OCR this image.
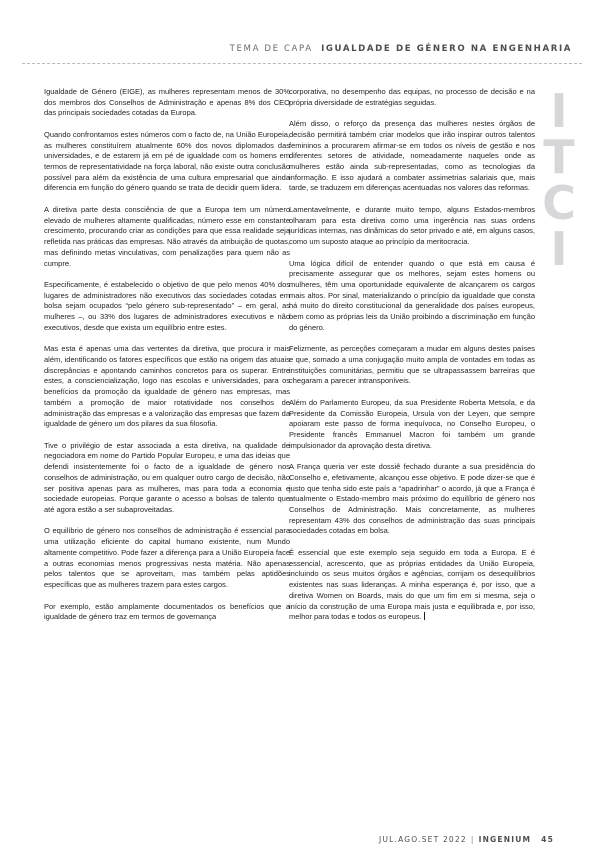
TEMA DE CAPA IGUALDADE DE GÉNERO NA ENGENHARIA
I
T
C
I

Igualdade de Género (EIGE), as mulheres representam menos de 30% dos membros dos Conselhos de Administração e apenas 8% dos CEO das principais sociedades cotadas da Europa.

Quando confrontamos estes números com o facto de, na União Europeia, as mulheres constituírem atualmente 60% dos novos diplomados das universidades, e de estarem já em pé de igualdade com os homens em termos de representatividade na força laboral, não existe outra conclusão possível para além da existência de uma cultura empresarial que ainda diferencia em função do género quando se trata de decidir quem lidera.

A diretiva parte desta consciência de que a Europa tem um número elevado de mulheres altamente qualificadas, número esse em constante crescimento, procurando criar as condições para que essa realidade seja refletida nas práticas das empresas. Não através da atribuição de quotas, mas definindo metas vinculativas, com penalizações para quem não as cumpre.

Especificamente, é estabelecido o objetivo de que pelo menos 40% dos lugares de administradores não executivos das sociedades cotadas em bolsa sejam ocupados “pelo género sub-representado” – em geral, as mulheres –, ou 33% dos lugares de administradores executivos e não executivos, desde que exista um equilíbrio entre estes.

Mas esta é apenas uma das vertentes da diretiva, que procura ir mais além, identificando os fatores específicos que estão na origem das atuais discrepâncias e apontando caminhos concretos para os superar. Entre estes, a consciencialização, logo nas escolas e universidades, para os benefícios da promoção da igualdade de género nas empresas, mas também a promoção de maior rotatividade nos conselhos de administração das empresas e a valorização das empresas que fazem da igualdade de género um dos pilares da sua filosofia.

Tive o privilégio de estar associada a esta diretiva, na qualidade de negociadora em nome do Partido Popular Europeu, e uma das ideias que defendi insistentemente foi o facto de a igualdade de género nos conselhos de administração, ou em qualquer outro cargo de decisão, não ser positiva apenas para as mulheres, mas para toda a economia e sociedade europeias. Porque garante o acesso a bolsas de talento que até agora estão a ser subaproveitadas.

O equilíbrio de género nos conselhos de administração é essencial para uma utilização eficiente do capital humano existente, num Mundo altamente competitivo. Pode fazer a diferença para a União Europeia face a outras economias menos progressivas nesta matéria. Não apenas pelos talentos que se aproveitam, mas também pelas aptidões específicas que as mulheres trazem para estes cargos.

Por exemplo, estão amplamente documentados os benefícios que a igualdade de género traz em termos de governança

corporativa, no desempenho das equipas, no processo de decisão e na própria diversidade de estratégias seguidas.

Além disso, o reforço da presença das mulheres nestes órgãos de decisão permitirá também criar modelos que irão inspirar outros talentos femininos a procurarem afirmar-se em todos os níveis de gestão e nos diferentes setores de atividade, nomeadamente naqueles onde as mulheres estão ainda sub-representadas, como as tecnologias da informação. E isso ajudará a combater assimetrias salariais que, mais tarde, se traduzem em diferenças acentuadas nos valores das reformas.

Lamentavelmente, e durante muito tempo, alguns Estados-membros olharam para esta diretiva como uma ingerência nas suas ordens jurídicas internas, nas dinâmicas do setor privado e até, em alguns casos, como um suposto ataque ao princípio da meritocracia.

Uma lógica difícil de entender quando o que está em causa é precisamente assegurar que os melhores, sejam estes homens ou mulheres, têm uma oportunidade equivalente de alcançarem os cargos mais altos. Por sinal, materializando o princípio da igualdade que consta há muito do direito constitucional da generalidade dos países europeus, bem como as próprias leis da União proibindo a discriminação em função do género.

Felizmente, as perceções começaram a mudar em alguns destes países e que, somado a uma conjugação muito ampla de vontades em todas as instituições comunitárias, permitiu que se ultrapassassem barreiras que chegaram a parecer intransponíveis.

Além do Parlamento Europeu, da sua Presidente Roberta Metsola, e da Presidente da Comissão Europeia, Ursula von der Leyen, que sempre apoiaram este passo de forma inequívoca, no Conselho Europeu, o Presidente francês Emmanuel Macron foi também um grande impulsionador da aprovação desta diretiva.

A França queria ver este dossiê fechado durante a sua presidência do Conselho e, efetivamente, alcançou esse objetivo. E pode dizer-se que é justo que tenha sido este país a “apadrinhar” o acordo, já que a França é atualmente o Estado-membro mais próximo do equilíbrio de género nos Conselhos de Administração. Mais concretamente, as mulheres representam 43% dos conselhos de administração das suas principais sociedades cotadas em bolsa.

É essencial que este exemplo seja seguido em toda a Europa. E é essencial, acrescento, que as próprias entidades da União Europeia, incluindo os seus muitos órgãos e agências, corrijam os desequilíbrios existentes nas suas lideranças. A minha esperança é, por isso, que a diretiva Women on Boards, mais do que um fim em si mesma, seja o início da construção de uma Europa mais justa e equilibrada e, por isso, melhor para todas e todos os europeus.

JUL.AGO.SET 2022 | INGENIUM 45
